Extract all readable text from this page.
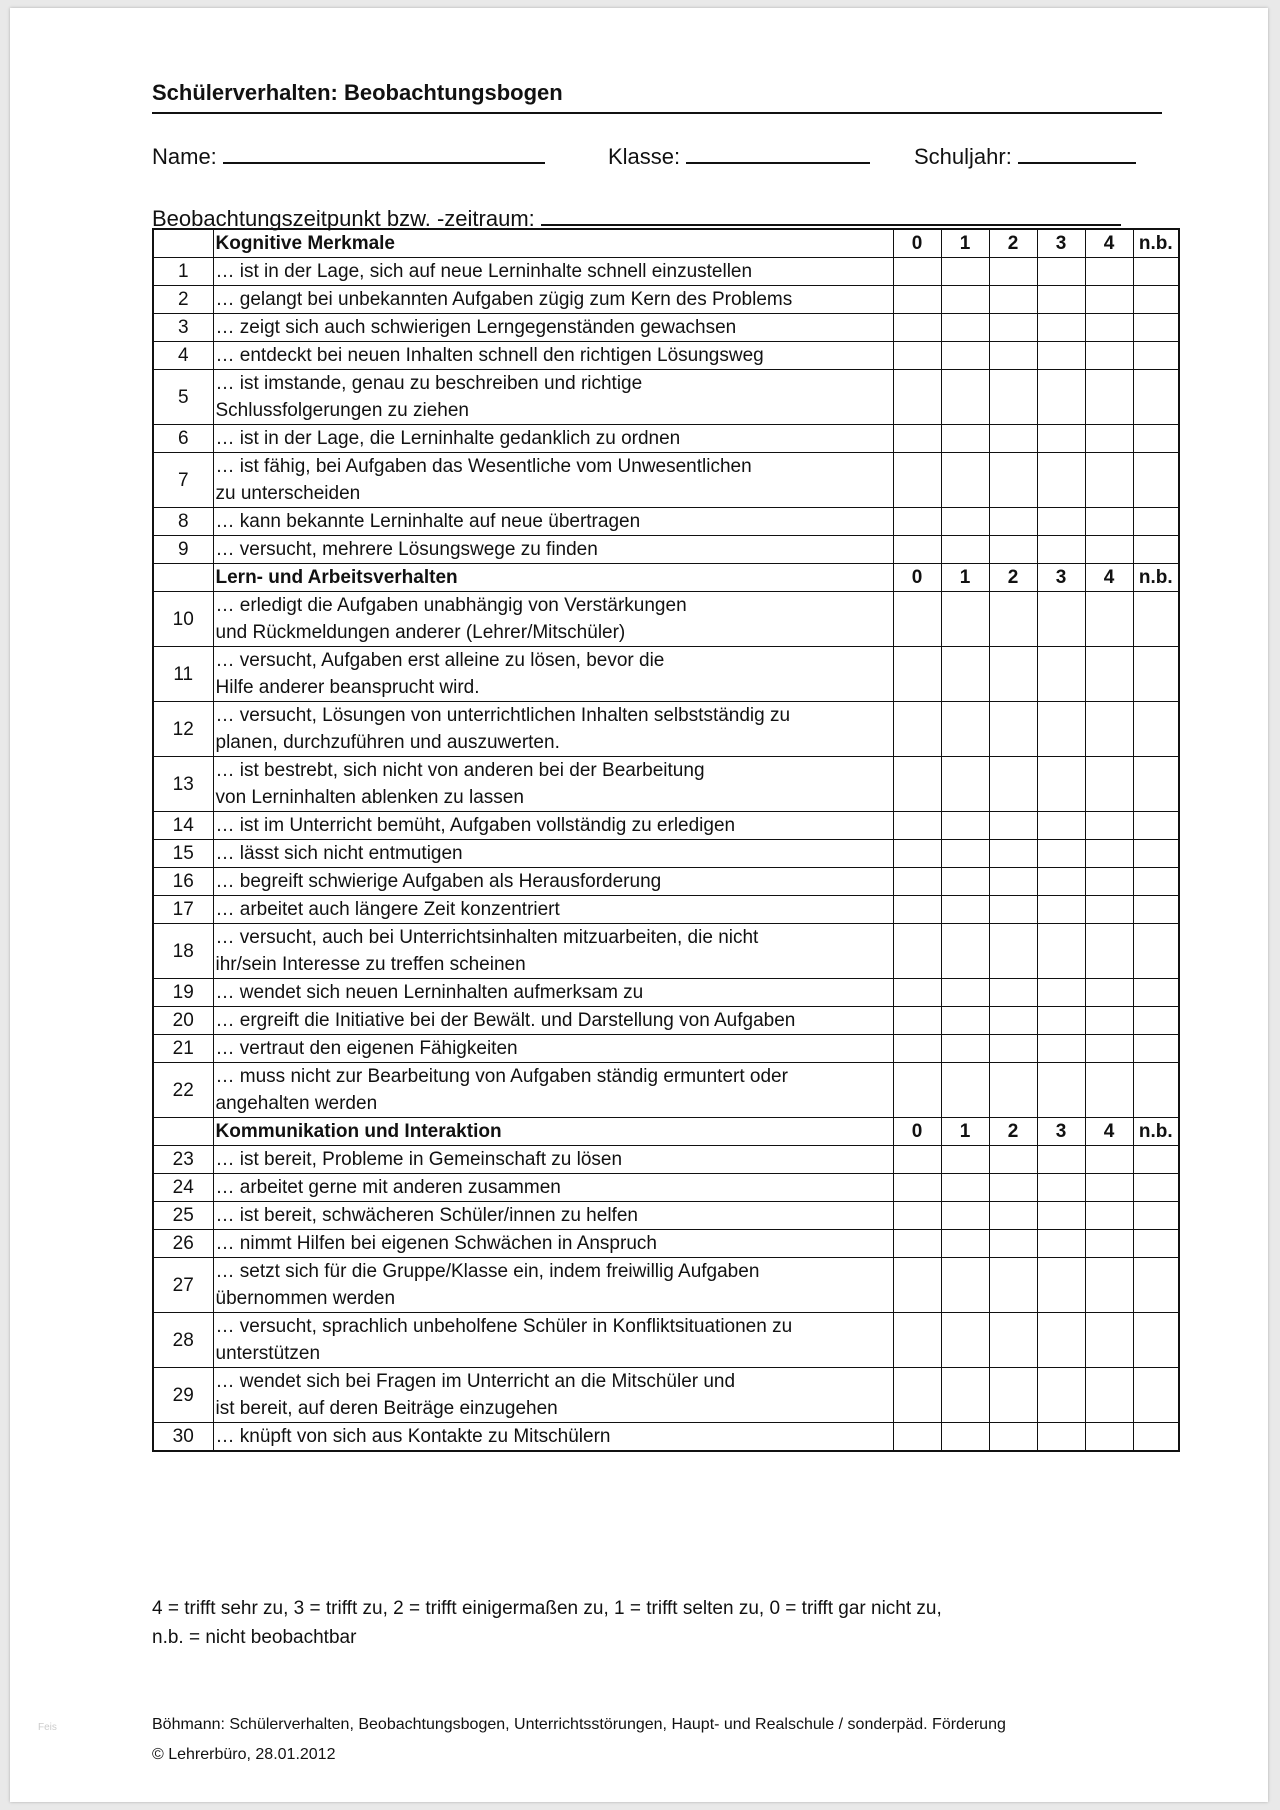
Schülerverhalten: Beobachtungsbogen
Name:	Klasse:	Schuljahr:
Beobachtungszeitpunkt bzw. -zeitraum:
	Kognitive Merkmale	0	1	2	3	4	n.b.
1	… ist in der Lage, sich auf neue Lerninhalte schnell einzustellen						

2	… gelangt bei unbekannten Aufgaben zügig zum Kern des Problems						

3	… zeigt sich auch schwierigen Lerngegenständen gewachsen						

4	… entdeckt bei neuen Inhalten schnell den richtigen Lösungsweg						

5	… ist imstande, genau zu beschreiben und richtige
Schlussfolgerungen zu ziehen						

6	… ist in der Lage, die Lerninhalte gedanklich zu ordnen						

7	… ist fähig, bei Aufgaben das Wesentliche vom Unwesentlichen
zu unterscheiden						

8	… kann bekannte Lerninhalte auf neue übertragen						

9	… versucht, mehrere Lösungswege zu finden						

	Lern- und Arbeitsverhalten	0	1	2	3	4	n.b.
10	… erledigt die Aufgaben unabhängig von Verstärkungen
und Rückmeldungen anderer (Lehrer/Mitschüler)						

11	… versucht, Aufgaben erst alleine zu lösen, bevor die
Hilfe anderer beansprucht wird.						

12	… versucht, Lösungen von unterrichtlichen Inhalten selbstständig zu
planen, durchzuführen und auszuwerten.						

13	… ist bestrebt, sich nicht von anderen bei der Bearbeitung
von Lerninhalten ablenken zu lassen						

14	… ist im Unterricht bemüht, Aufgaben vollständig zu erledigen						

15	… lässt sich nicht entmutigen						

16	… begreift schwierige Aufgaben als Herausforderung						

17	… arbeitet auch längere Zeit konzentriert						

18	… versucht, auch bei Unterrichtsinhalten mitzuarbeiten, die nicht
ihr/sein Interesse zu treffen scheinen						

19	… wendet sich neuen Lerninhalten aufmerksam zu						

20	… ergreift die Initiative bei der Bewält. und Darstellung von Aufgaben						

21	… vertraut den eigenen Fähigkeiten						

22	… muss nicht zur Bearbeitung von Aufgaben ständig ermuntert oder
angehalten werden						

	Kommunikation und Interaktion	0	1	2	3	4	n.b.
23	… ist bereit, Probleme in Gemeinschaft zu lösen						

24	… arbeitet gerne mit anderen zusammen						

25	… ist bereit, schwächeren Schüler/innen zu helfen						

26	… nimmt Hilfen bei eigenen Schwächen in Anspruch						

27	… setzt sich für die Gruppe/Klasse ein, indem freiwillig Aufgaben
übernommen werden						

28	… versucht, sprachlich unbeholfene Schüler in Konfliktsituationen zu
unterstützen						

29	… wendet sich bei Fragen im Unterricht an die Mitschüler und
ist bereit, auf deren Beiträge einzugehen						

30	… knüpft von sich aus Kontakte zu Mitschülern						

4 = trifft sehr zu, 3 = trifft zu, 2 = trifft einigermaßen zu, 1 = trifft selten zu, 0 = trifft gar nicht zu,
n.b. = nicht beobachtbar
Böhmann: Schülerverhalten, Beobachtungsbogen, Unterrichtsstörungen, Haupt- und Realschule / sonderpäd. Förderung
© Lehrerbüro, 28.01.2012
Feis
